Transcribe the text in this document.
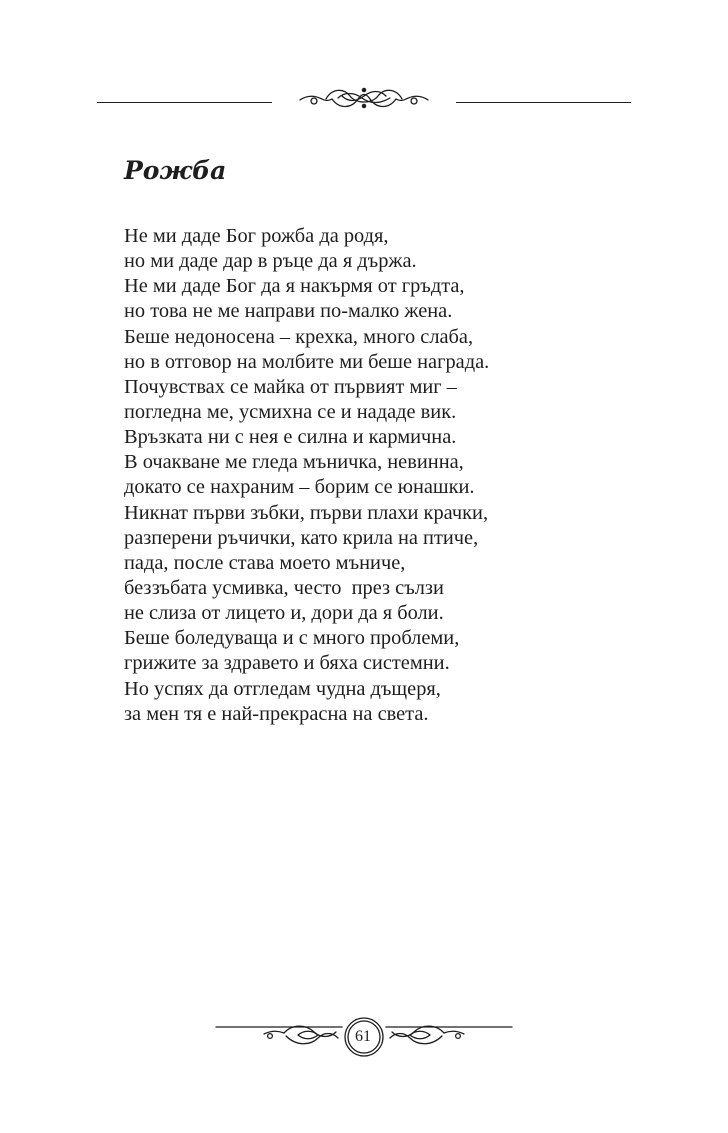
Рожба
Не ми даде Бог рожба да родя,
но ми даде дар в ръце да я държа.
Не ми даде Бог да я накърмя от гръдта,
но това не ме направи по-малко жена.
Беше недоносена – крехка, много слаба,
но в отговор на молбите ми беше награда.
Почувствах се майка от първият миг –
погледна ме, усмихна се и нададе вик.
Връзката ни с нея е силна и кармична.
В очакване ме гледа мъничка, невинна,
докато се нахраним – борим се юнашки.
Никнат първи зъбки, първи плахи крачки,
разперени ръчички, като крила на птиче,
пада, после става моето мъниче,
беззъбата усмивка, често  през сълзи
не слиза от лицето и, дори да я боли.
Беше боледуваща и с много проблеми,
грижите за здравето и бяха системни.
Но успях да отгледам чудна дъщеря,
за мен тя е най-прекрасна на света.
61
